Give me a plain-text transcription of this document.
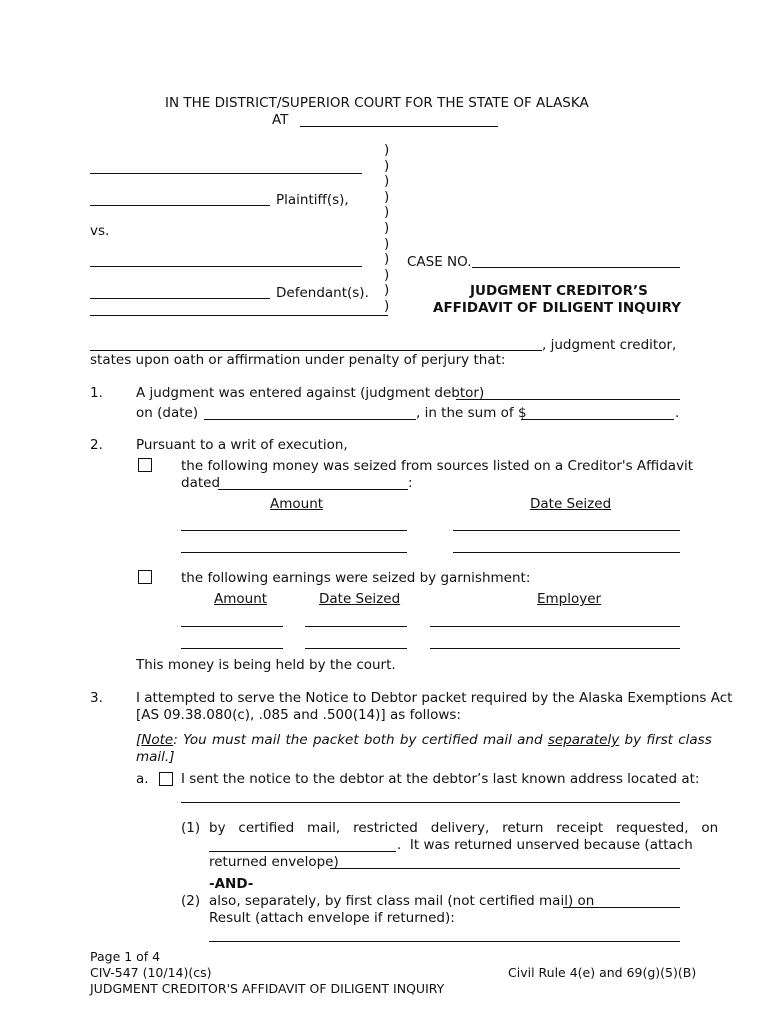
IN THE DISTRICT/SUPERIOR COURT FOR THE STATE OF ALASKA
AT
Plaintiff(s),
vs.
Defendant(s).
)
)
)
)
)
)
)
)
)
)
)
CASE NO.
JUDGMENT CREDITOR’S
AFFIDAVIT OF DILIGENT INQUIRY
, judgment creditor,
states upon oath or affirmation under penalty of perjury that:
1. A judgment was entered against (judgment debtor)
on (date)	, in the sum of $	.
2. Pursuant to a writ of execution,
the following money was seized from sources listed on a Creditor's Affidavit
dated	:
Amount	Date Seized
the following earnings were seized by garnishment:
Amount	Date Seized	Employer
This money is being held by the court.
3. I attempted to serve the Notice to Debtor packet required by the Alaska Exemptions Act
[AS 09.38.080(c), .085 and .500(14)] as follows:
[Note: You must mail the packet both by certified mail and separately by first class
mail.]
a. I sent the notice to the debtor at the debtor’s last known address located at:
(1) by   certified   mail,   restricted   delivery,   return   receipt   requested,   on
.  It was returned unserved because (attach
returned envelope)
-AND-
(2) also, separately, by first class mail (not certified mail) on
Result (attach envelope if returned):
Page 1 of 4
CIV-547 (10/14)(cs)
JUDGMENT CREDITOR'S AFFIDAVIT OF DILIGENT INQUIRY
Civil Rule 4(e) and 69(g)(5)(B)
